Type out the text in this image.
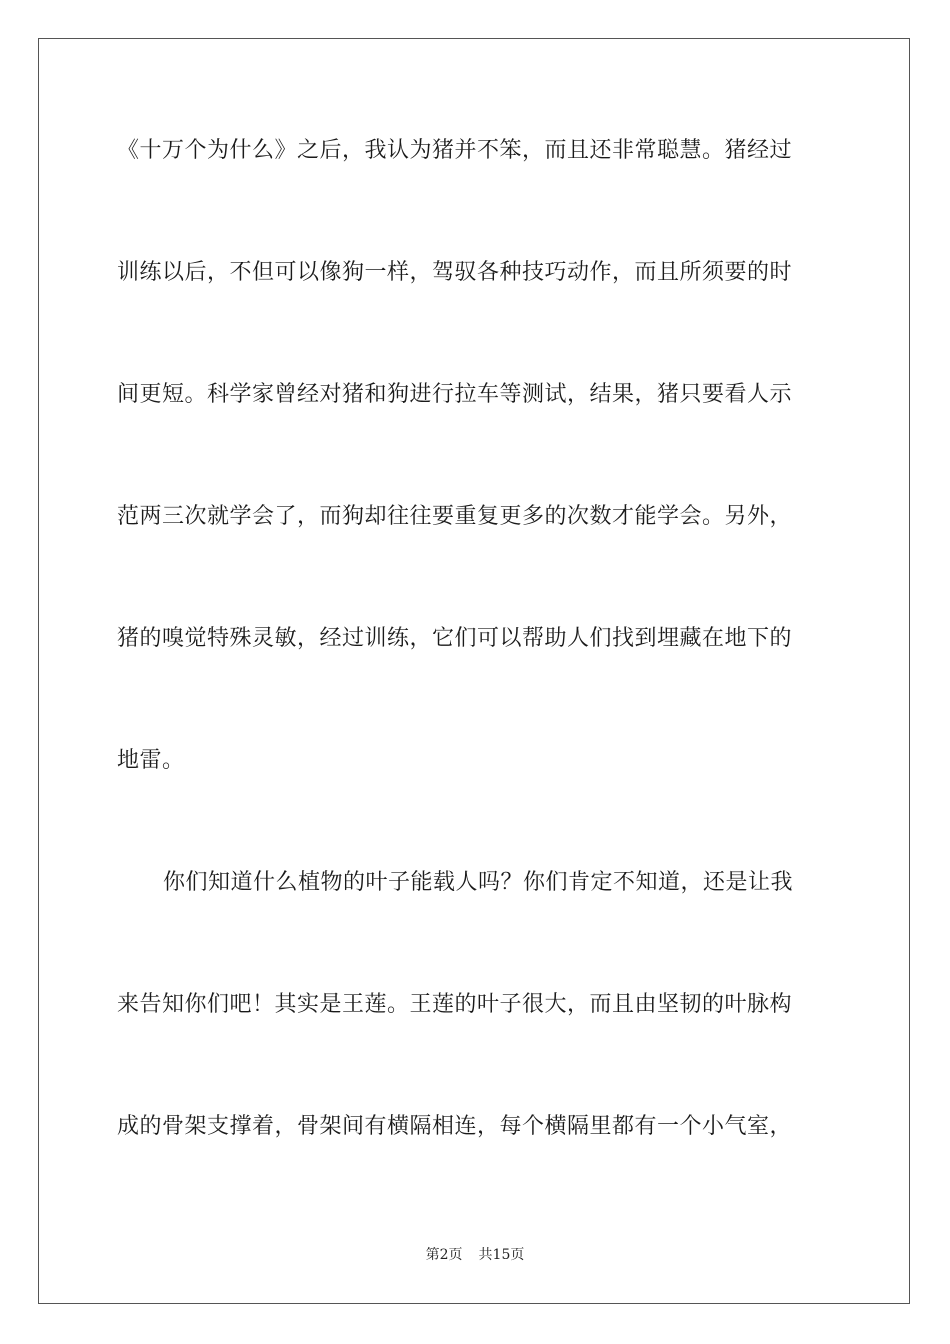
《十万个为什么》之后，我认为猪并不笨，而且还非常聪慧。猪经过
训练以后，不但可以像狗一样，驾驭各种技巧动作，而且所须要的时
间更短。科学家曾经对猪和狗进行拉车等测试，结果，猪只要看人示
范两三次就学会了，而狗却往往要重复更多的次数才能学会。另外，
猪的嗅觉特殊灵敏，经过训练，它们可以帮助人们找到埋藏在地下的
地雷。
你们知道什么植物的叶子能载人吗？你们肯定不知道，还是让我
来告知你们吧！其实是王莲。王莲的叶子很大，而且由坚韧的叶脉构
成的骨架支撑着，骨架间有横隔相连，每个横隔里都有一个小气室，
第2页 共15页
